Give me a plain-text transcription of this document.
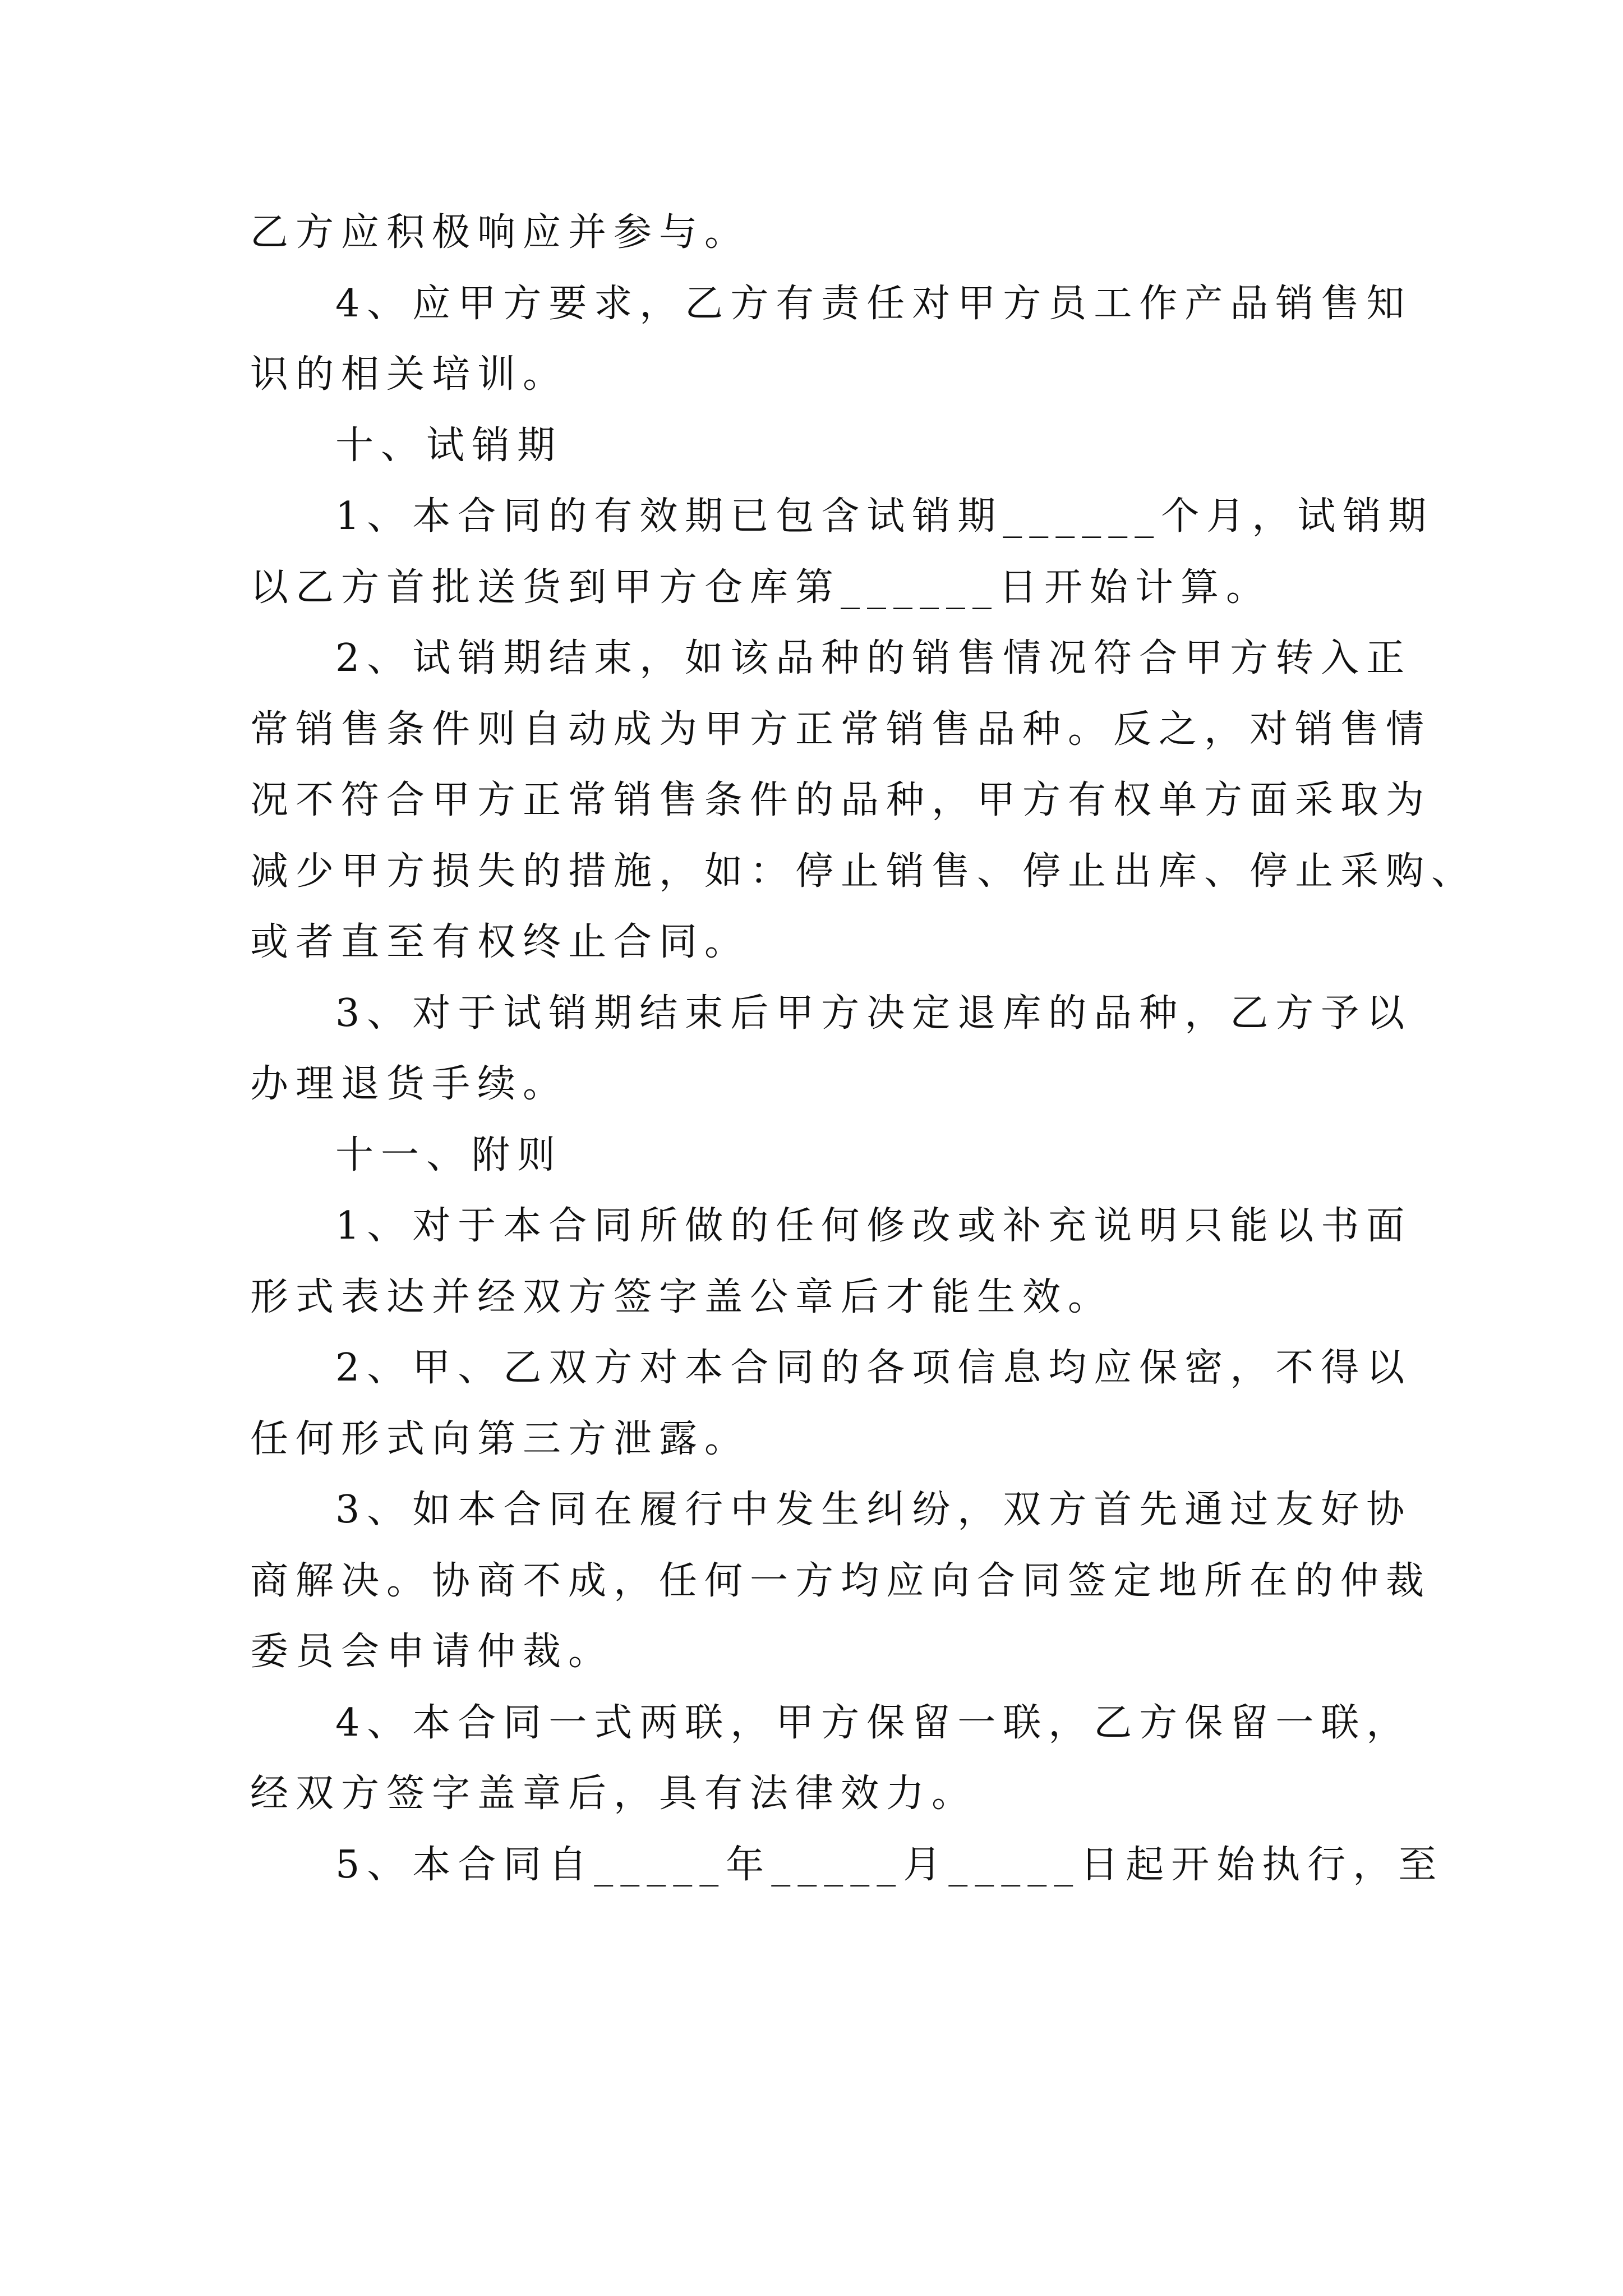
乙方应积极响应并参与。
4、应甲方要求，乙方有责任对甲方员工作产品销售知
识的相关培训。
十、试销期
1、本合同的有效期已包含试销期______个月，试销期
以乙方首批送货到甲方仓库第______日开始计算。
2、试销期结束，如该品种的销售情况符合甲方转入正
常销售条件则自动成为甲方正常销售品种。反之，对销售情
况不符合甲方正常销售条件的品种，甲方有权单方面采取为
减少甲方损失的措施，如：停止销售、停止出库、停止采购、
或者直至有权终止合同。
3、对于试销期结束后甲方决定退库的品种，乙方予以
办理退货手续。
十一、附则
1、对于本合同所做的任何修改或补充说明只能以书面
形式表达并经双方签字盖公章后才能生效。
2、甲、乙双方对本合同的各项信息均应保密，不得以
任何形式向第三方泄露。
3、如本合同在履行中发生纠纷，双方首先通过友好协
商解决。协商不成，任何一方均应向合同签定地所在的仲裁
委员会申请仲裁。
4、本合同一式两联，甲方保留一联，乙方保留一联，
经双方签字盖章后，具有法律效力。
5、本合同自_____年_____月_____日起开始执行，至
